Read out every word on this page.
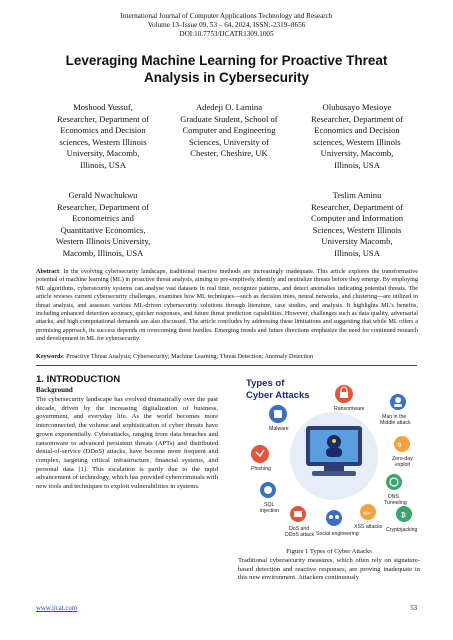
International Journal of Computer Applications Technology and Research
Volume 13–Issue 09, 53 – 64, 2024, ISSN:-2319–8656
DOI:10.7753/IJCATR1309.1005
Leveraging Machine Learning for Proactive Threat Analysis in Cybersecurity
Moshood Yussuf,
Researcher, Department of
Economics and Decision
sciences, Western Illinois
University, Macomb,
Illinois, USA
Adedeji O. Lamina
Graduate Student, School of
Computer and Engineering
Sciences, University of
Chester, Cheshire, UK
Olubusayo Mesioye
Researcher, Department of
Economics and Decision
sciences, Western Illinois
University, Macomb,
Illinois, USA
Gerald Nwachukwu
Researcher, Department of
Econometrics and
Quantitative Economics,
Western Illinois University,
Macomb, Illinois, USA
Teslim Aminu
Researcher, Department of
Computer and Information
Sciences, Western Illinois
University Macomb,
Illinois, USA
Abstract: In the evolving cybersecurity landscape, traditional reactive methods are increasingly inadequate. This article explores the transformative potential of machine learning (ML) in proactive threat analysis, aiming to pre-emptively identify and neutralize threats before they emerge. By employing ML algorithms, cybersecurity systems can analyse vast datasets in real time, recognize patterns, and detect anomalies indicating potential threats. The article reviews current cybersecurity challenges, examines how ML techniques—such as decision trees, neural networks, and clustering—are utilized in threat analysis, and assesses various ML-driven cybersecurity solutions through literature, case studies, and analysis. It highlights ML's benefits, including enhanced detection accuracy, quicker responses, and future threat prediction capabilities. However, challenges such as data quality, adversarial attacks, and high computational demands are also discussed. The article concludes by addressing these limitations and suggesting that while ML offers a promising approach, its success depends on overcoming these hurdles. Emerging trends and future directions emphasize the need for continued research and development in ML for cybersecurity.
Keywords: Proactive Threat Analysis; Cybersecurity; Machine Learning; Threat Detection; Anomaly Detection
1. INTRODUCTION
Background
The cybersecurity landscape has evolved dramatically over the past decade, driven by the increasing digitalization of business, government, and everyday life. As the world becomes more interconnected, the volume and sophistication of cyber threats have grown exponentially. Cyberattacks, ranging from data breaches and ransomware to advanced persistent threats (APTs) and distributed denial-of-service (DDoS) attacks, have become more frequent and complex, targeting critical infrastructure, financial systems, and personal data [1]. This escalation is partly due to the rapid advancement of technology, which has provided cybercriminals with new tools and techniques to exploit vulnerabilities in systems.
Types of
Cyber Attacks
Malware
Ransomware
Man in the
Middle attack
Phishing
0
Zero-day
exploit
SQL
injection
DNS
Tunneling
DoS and
DDoS attack Social engineering
</>
XSS attacks
₿
Cryptojacking
Figure 1 Types of Cyber Attacks
Traditional cybersecurity measures, which often rely on signature-based detection and reactive responses, are proving inadequate in this new environment. Attackers continuously
www.ijcat.com	53
